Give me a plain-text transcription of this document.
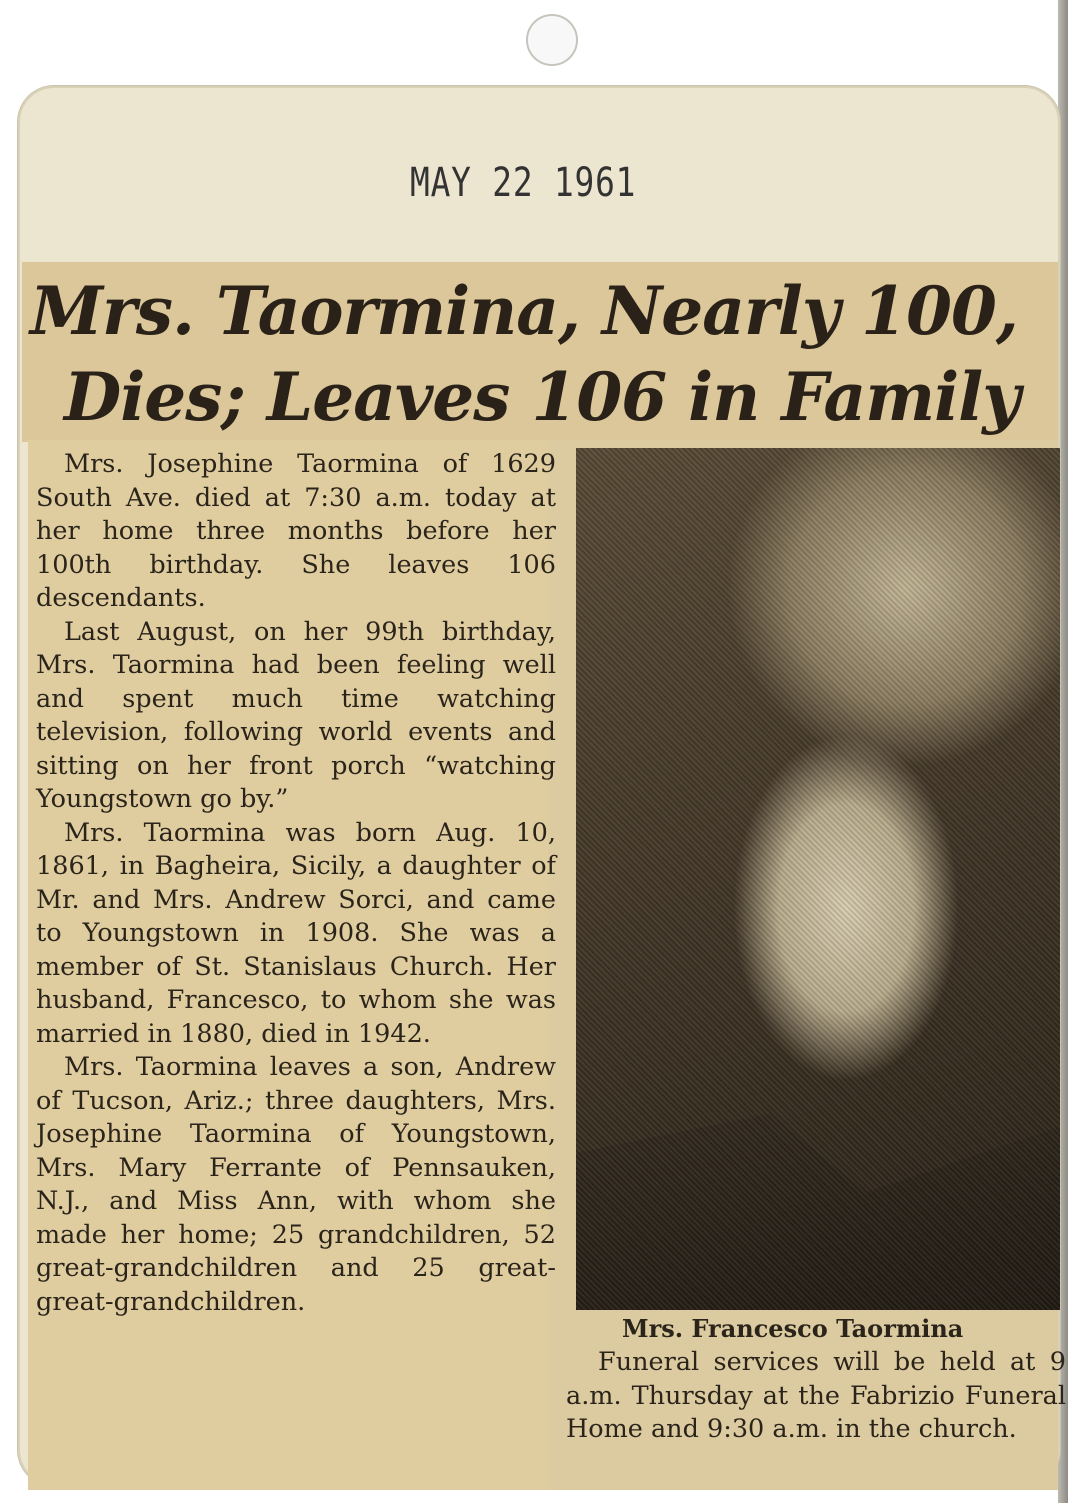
MAY 22 1961
Mrs. Taormina, Nearly 100,
Dies; Leaves 106 in Family

Mrs. Josephine Taormina of 1629 South Ave. died at 7:30 a.m. today at her home three months before her 100th birthday. She leaves 106 descendants.

Last August, on her 99th birthday, Mrs. Taormina had been feeling well and spent much time watching television, following world events and sitting on her front porch “watching Youngstown go by.”

Mrs. Taormina was born Aug. 10, 1861, in Bagheira, Sicily, a daughter of Mr. and Mrs. Andrew Sorci, and came to Youngstown in 1908. She was a member of St. Stanislaus Church. Her husband, Francesco, to whom she was married in 1880, died in 1942.

Mrs. Taormina leaves a son, Andrew of Tucson, Ariz.; three daughters, Mrs. Josephine Taormina of Youngstown, Mrs. Mary Ferrante of Pennsauken, N.J., and Miss Ann, with whom she made her home; 25 grandchildren, 52 great-grandchildren and 25 great-great-grandchildren.

Mrs. Francesco Taormina

Funeral services will be held at 9 a.m. Thursday at the Fabrizio Funeral Home and 9:30 a.m. in the church.
